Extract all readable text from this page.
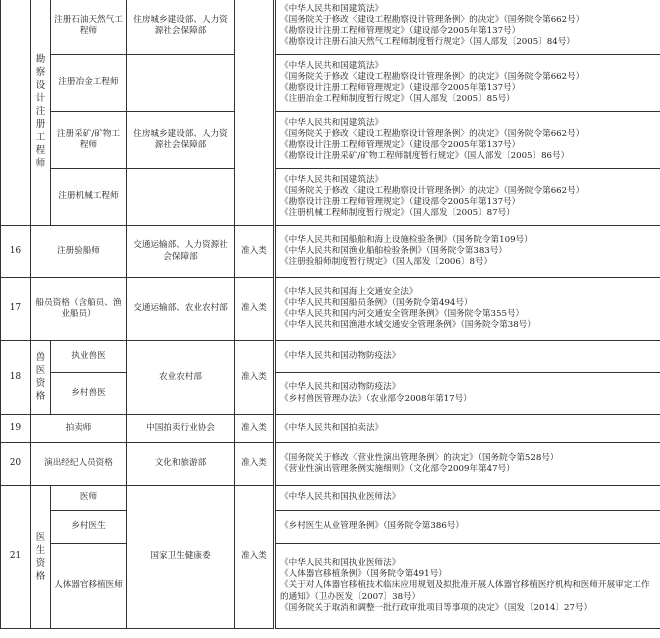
	勘察设计注册工程师	注册石油天然气工程师	住房城乡建设部、人力资源社会保障部		《中华人民共和国建筑法》
《国务院关于修改〈建设工程勘察设计管理条例〉的决定》（国务院令第662号）
《勘察设计注册工程师管理规定》（建设部令2005年第137号）
《勘察设计注册石油天然气工程师制度暂行规定》（国人部发〔2005〕84号）

		注册冶金工程师			《中华人民共和国建筑法》
《国务院关于修改〈建设工程勘察设计管理条例〉的决定》（国务院令第662号）
《勘察设计注册工程师管理规定》（建设部令2005年第137号）
《注册冶金工程师制度暂行规定》（国人部发〔2005〕85号）

		注册采矿/矿物工程师	住房城乡建设部、人力资源社会保障部		《中华人民共和国建筑法》
《国务院关于修改〈建设工程勘察设计管理条例〉的决定》（国务院令第662号）
《勘察设计注册工程师管理规定》（建设部令2005年第137号）
《勘察设计注册采矿/矿物工程师制度暂行规定》（国人部发〔2005〕86号）

		注册机械工程师			《中华人民共和国建筑法》
《国务院关于修改〈建设工程勘察设计管理条例〉的决定》（国务院令第662号）
《勘察设计注册工程师管理规定》（建设部令2005年第137号）
《注册机械工程师制度暂行规定》（国人部发〔2005〕87号）

16	注册验船师		交通运输部、人力资源社会保障部	准入类	《中华人民共和国船舶和海上设施检验条例》（国务院令第109号）
《中华人民共和国渔业船舶检验条例》（国务院令第383号）
《注册验船师制度暂行规定》（国人部发〔2006〕8号）

17	船员资格（含船员、渔业船员）		交通运输部、农业农村部	准入类	《中华人民共和国海上交通安全法》
《中华人民共和国船员条例》（国务院令第494号）
《中华人民共和国内河交通安全管理条例》（国务院令第355号）
《中华人民共和国渔港水域交通安全管理条例》（国务院令第38号）

18	兽医资格	执业兽医	农业农村部	准入类	《中华人民共和国动物防疫法》

		乡村兽医			《中华人民共和国动物防疫法》
《乡村兽医管理办法》（农业部令2008年第17号）

19	拍卖师		中国拍卖行业协会	准入类	《中华人民共和国拍卖法》

20	演出经纪人员资格		文化和旅游部	准入类	《国务院关于修改〈营业性演出管理条例〉的决定》（国务院令第528号）
《营业性演出管理条例实施细则》（文化部令2009年第47号）

21	医生资格	医师	国家卫生健康委	准入类	《中华人民共和国执业医师法》

		乡村医生			《乡村医生从业管理条例》（国务院令第386号）

		人体器官移植医师			《中华人民共和国执业医师法》
《人体器官移植条例》（国务院令第491号）
《关于对人体器官移植技术临床应用规划及拟批准开展人体器官移植医疗机构和医师开展审定工作的通知》（卫办医发〔2007〕38号）
《国务院关于取消和调整一批行政审批项目等事项的决定》（国发〔2014〕27号）
